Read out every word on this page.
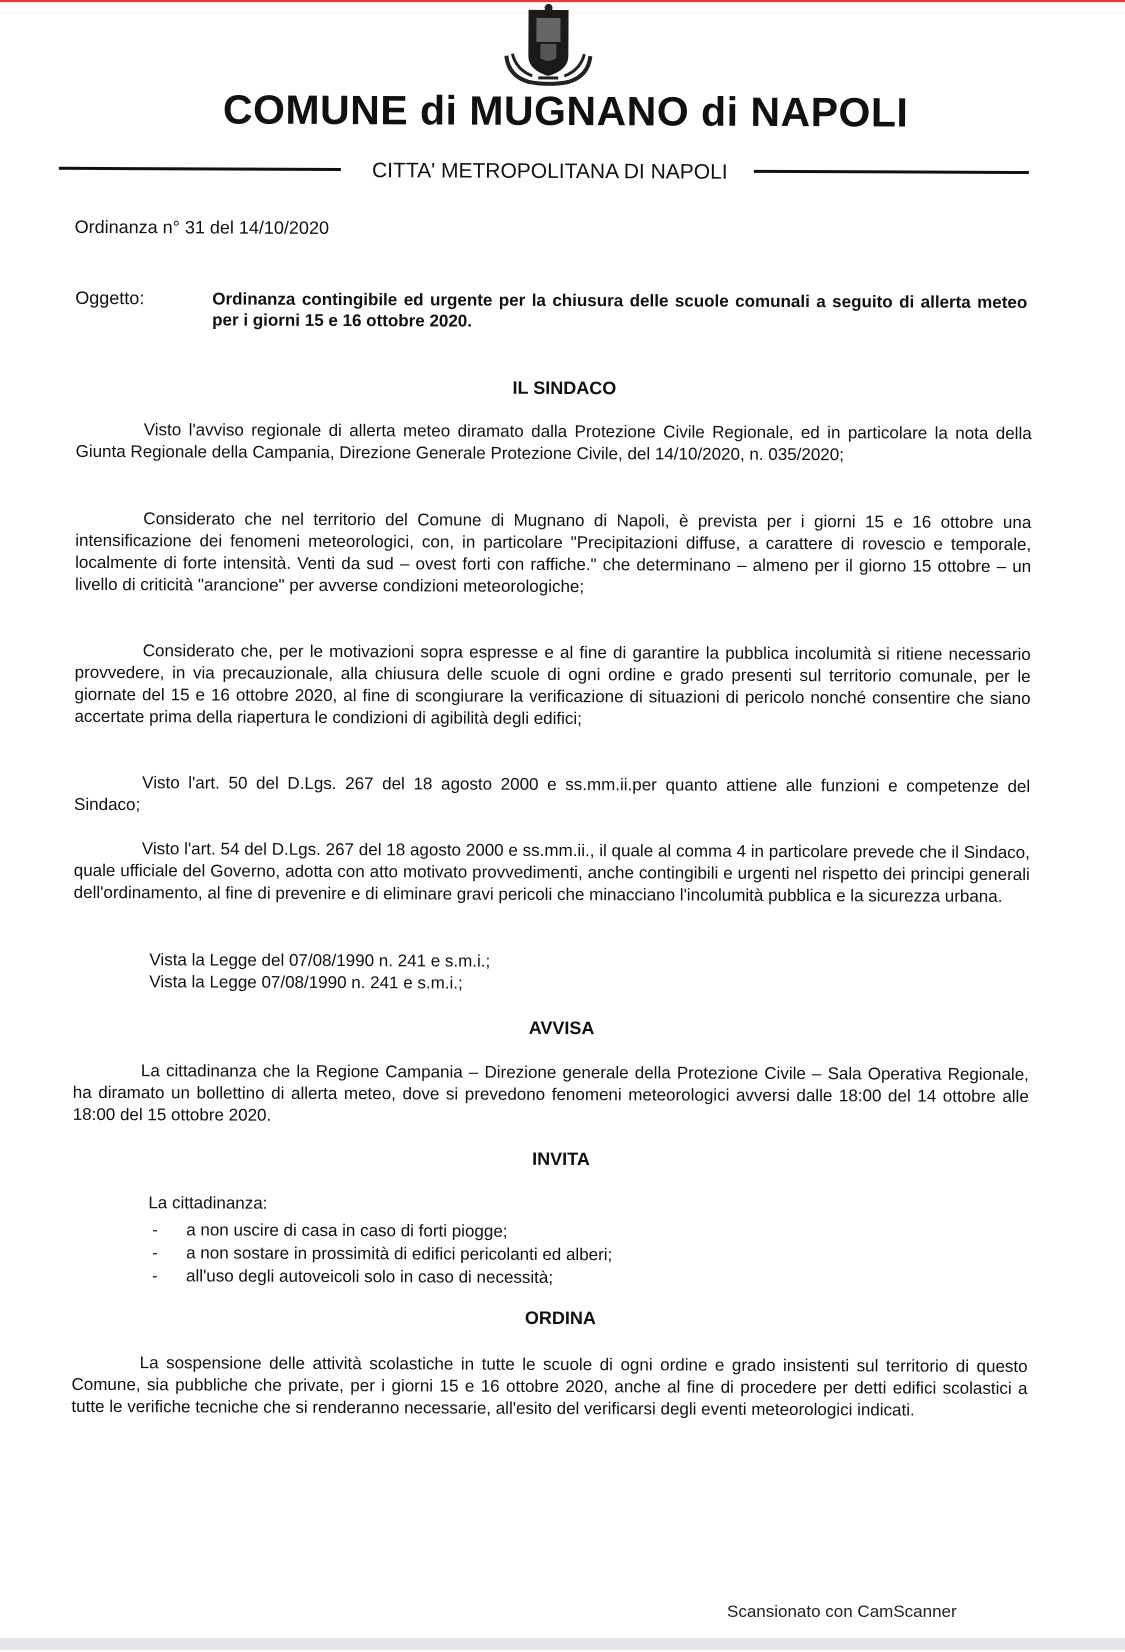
COMUNE di MUGNANO di NAPOLI
CITTA' METROPOLITANA DI NAPOLI
Ordinanza n° 31 del 14/10/2020
Oggetto:	Ordinanza contingibile ed urgente per la chiusura delle scuole comunali a seguito di allerta meteo per i giorni 15 e 16 ottobre 2020.
IL SINDACO
Visto l'avviso regionale di allerta meteo diramato dalla Protezione Civile Regionale, ed in particolare la nota della Giunta Regionale della Campania, Direzione Generale Protezione Civile, del 14/10/2020, n. 035/2020;
Considerato che nel territorio del Comune di Mugnano di Napoli, è prevista per i giorni 15 e 16 ottobre una intensificazione dei fenomeni meteorologici, con, in particolare "Precipitazioni diffuse, a carattere di rovescio e temporale, localmente di forte intensità. Venti da sud – ovest forti con raffiche." che determinano – almeno per il giorno 15 ottobre – un livello di criticità "arancione" per avverse condizioni meteorologiche;
Considerato che, per le motivazioni sopra espresse e al fine di garantire la pubblica incolumità si ritiene necessario provvedere, in via precauzionale, alla chiusura delle scuole di ogni ordine e grado presenti sul territorio comunale, per le giornate del 15 e 16 ottobre 2020, al fine di scongiurare la verificazione di situazioni di pericolo nonché consentire che siano accertate prima della riapertura le condizioni di agibilità degli edifici;
Visto l'art. 50 del D.Lgs. 267 del 18 agosto 2000 e ss.mm.ii.per quanto attiene alle funzioni e competenze del Sindaco;
Visto l'art. 54 del D.Lgs. 267 del 18 agosto 2000 e ss.mm.ii., il quale al comma 4 in particolare prevede che il Sindaco, quale ufficiale del Governo, adotta con atto motivato provvedimenti, anche contingibili e urgenti nel rispetto dei principi generali dell'ordinamento, al fine di prevenire e di eliminare gravi pericoli che minacciano l'incolumità pubblica e la sicurezza urbana.
Vista la Legge del 07/08/1990 n. 241 e s.m.i.;
Vista la Legge 07/08/1990 n. 241 e s.m.i.;
AVVISA
La cittadinanza che la Regione Campania – Direzione generale della Protezione Civile – Sala Operativa Regionale, ha diramato un bollettino di allerta meteo, dove si prevedono fenomeni meteorologici avversi dalle 18:00 del 14 ottobre alle 18:00 del 15 ottobre 2020.
INVITA
La cittadinanza:
- a non uscire di casa in caso di forti piogge;
- a non sostare in prossimità di edifici pericolanti ed alberi;
- all'uso degli autoveicoli solo in caso di necessità;
ORDINA
La sospensione delle attività scolastiche in tutte le scuole di ogni ordine e grado insistenti sul territorio di questo Comune, sia pubbliche che private, per i giorni 15 e 16 ottobre 2020, anche al fine di procedere per detti edifici scolastici a tutte le verifiche tecniche che si renderanno necessarie, all'esito del verificarsi degli eventi meteorologici indicati.
Scansionato con CamScanner
